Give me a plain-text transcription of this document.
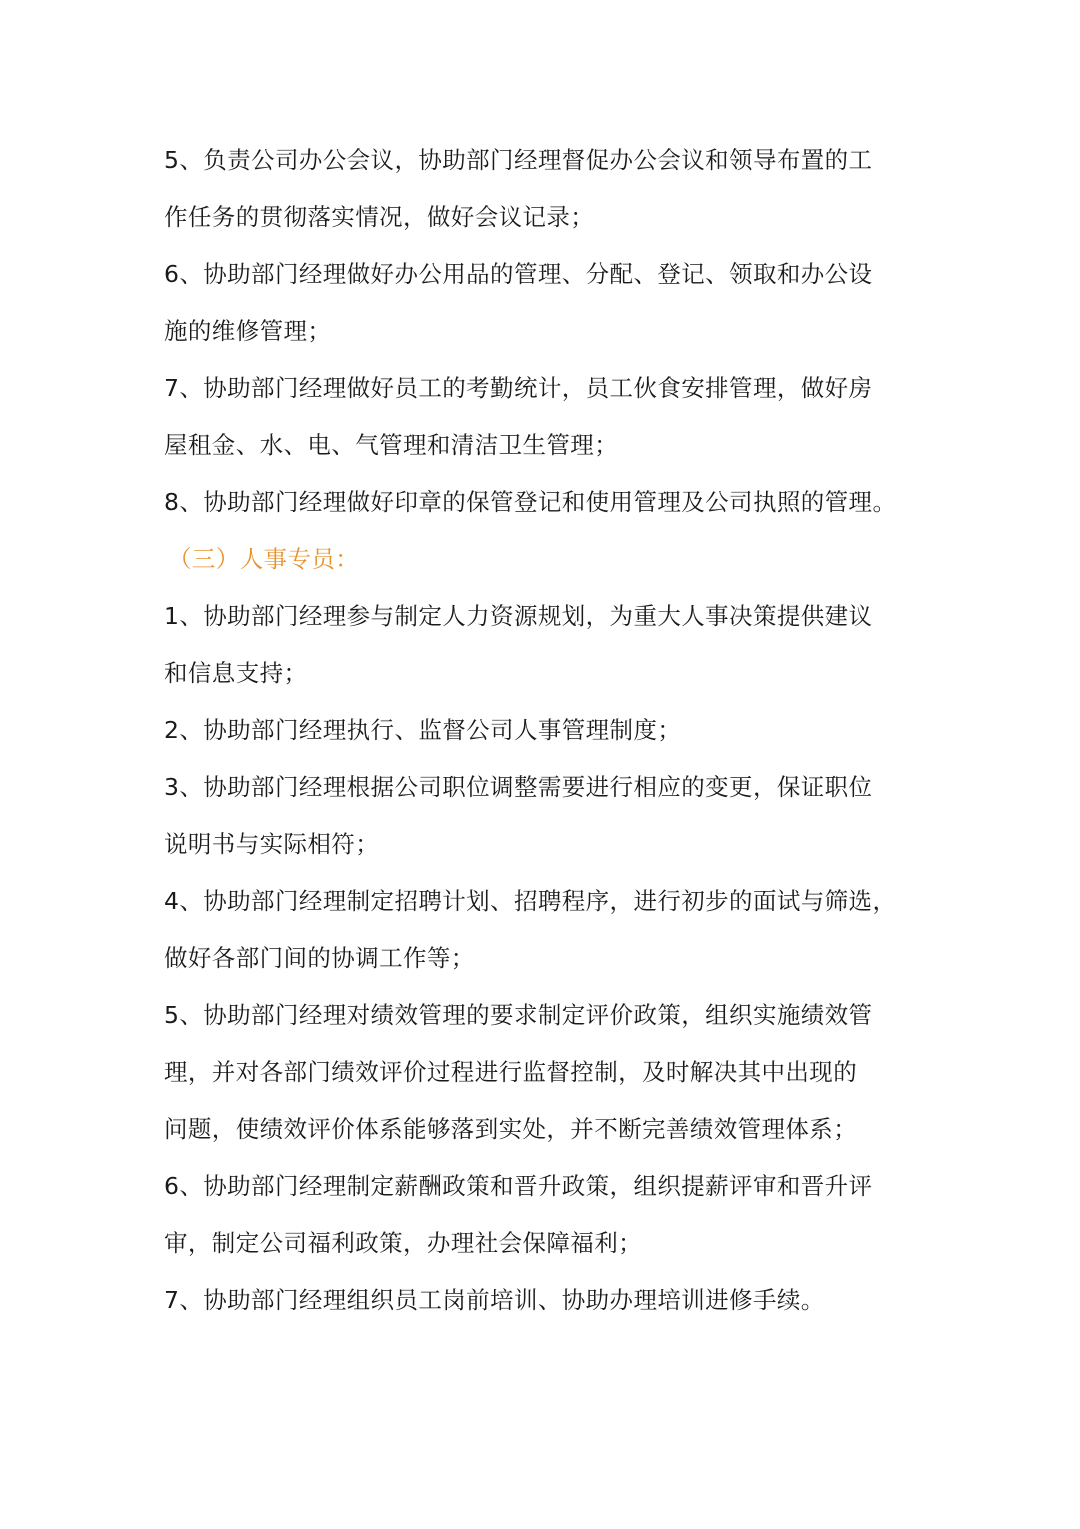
5、负责公司办公会议，协助部门经理督促办公会议和领导布置的工
作任务的贯彻落实情况，做好会议记录；
6、协助部门经理做好办公用品的管理、分配、登记、领取和办公设
施的维修管理；
7、协助部门经理做好员工的考勤统计，员工伙食安排管理，做好房
屋租金、水、电、气管理和清洁卫生管理；
8、协助部门经理做好印章的保管登记和使用管理及公司执照的管理。
（三）人事专员：
1、协助部门经理参与制定人力资源规划，为重大人事决策提供建议
和信息支持；
2、协助部门经理执行、监督公司人事管理制度；
3、协助部门经理根据公司职位调整需要进行相应的变更，保证职位
说明书与实际相符；
4、协助部门经理制定招聘计划、招聘程序，进行初步的面试与筛选，
做好各部门间的协调工作等；
5、协助部门经理对绩效管理的要求制定评价政策，组织实施绩效管
理，并对各部门绩效评价过程进行监督控制，及时解决其中出现的
问题，使绩效评价体系能够落到实处，并不断完善绩效管理体系；
6、协助部门经理制定薪酬政策和晋升政策，组织提薪评审和晋升评
审，制定公司福利政策，办理社会保障福利；
7、协助部门经理组织员工岗前培训、协助办理培训进修手续。
